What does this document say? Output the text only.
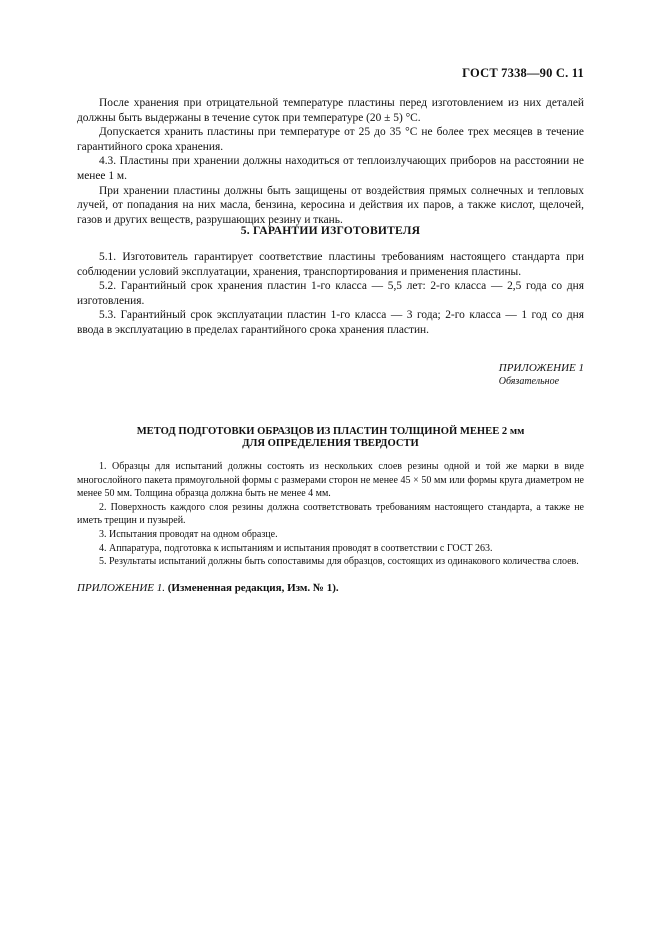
ГОСТ 7338—90 С. 11

После хранения при отрицательной температуре пластины перед изготовлением из них деталей должны быть выдержаны в течение суток при температуре (20 ± 5) °С.

Допускается хранить пластины при температуре от 25 до 35 °С не более трех месяцев в течение гарантийного срока хранения.

4.3. Пластины при хранении должны находиться от теплоизлучающих приборов на расстоянии не менее 1 м.

При хранении пластины должны быть защищены от воздействия прямых солнечных и тепловых лучей, от попадания на них масла, бензина, керосина и действия их паров, а также кислот, щелочей, газов и других веществ, разрушающих резину и ткань.

5. ГАРАНТИИ ИЗГОТОВИТЕЛЯ

5.1. Изготовитель гарантирует соответствие пластины требованиям настоящего стандарта при соблюдении условий эксплуатации, хранения, транспортирования и применения пластины.

5.2. Гарантийный срок хранения пластин 1-го класса — 5,5 лет: 2-го класса — 2,5 года со дня изготовления.

5.3. Гарантийный срок эксплуатации пластин 1-го класса — 3 года; 2-го класса — 1 год со дня ввода в эксплуатацию в пределах гарантийного срока хранения пластин.

ПРИЛОЖЕНИЕ 1
Обязательное
МЕТОД ПОДГОТОВКИ ОБРАЗЦОВ ИЗ ПЛАСТИН ТОЛЩИНОЙ МЕНЕЕ 2 мм
ДЛЯ ОПРЕДЕЛЕНИЯ ТВЕРДОСТИ

1. Образцы для испытаний должны состоять из нескольких слоев резины одной и той же марки в виде многослойного пакета прямоугольной формы с размерами сторон не менее 45 × 50 мм или формы круга диаметром не менее 50 мм. Толщина образца должна быть не менее 4 мм.

2. Поверхность каждого слоя резины должна соответствовать требованиям настоящего стандарта, а также не иметь трещин и пузырей.

3. Испытания проводят на одном образце.

4. Аппаратура, подготовка к испытаниям и испытания проводят в соответствии с ГОСТ 263.

5. Результаты испытаний должны быть сопоставимы для образцов, состоящих из одинакового количества слоев.

ПРИЛОЖЕНИЕ 1. (Измененная редакция, Изм. № 1).
